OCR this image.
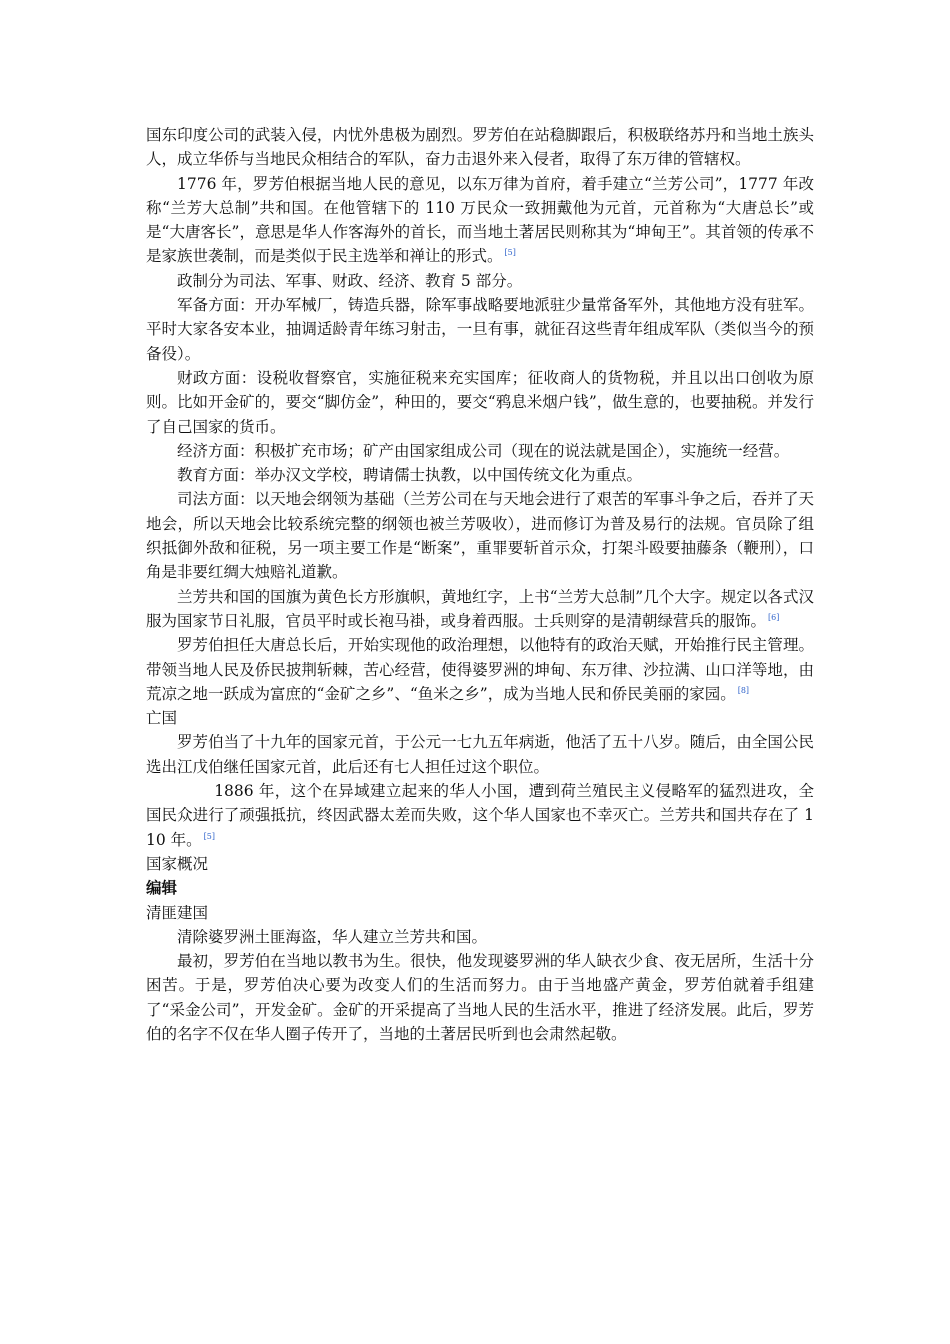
国东印度公司的武装入侵，内忧外患极为剧烈。罗芳伯在站稳脚跟后，积极联络苏丹和当地土族头人，成立华侨与当地民众相结合的军队，奋力击退外来入侵者，取得了东万律的管辖权。

1776 年，罗芳伯根据当地人民的意见，以东万律为首府，着手建立“兰芳公司”，1777 年改称“兰芳大总制”共和国。在他管辖下的 110 万民众一致拥戴他为元首，元首称为“大唐总长”或是“大唐客长”，意思是华人作客海外的首长，而当地土著居民则称其为“坤甸王”。其首领的传承不是家族世袭制，而是类似于民主选举和禅让的形式。 [5]

政制分为司法、军事、财政、经济、教育 5 部分。

军备方面：开办军械厂，铸造兵器，除军事战略要地派驻少量常备军外，其他地方没有驻军。平时大家各安本业，抽调适龄青年练习射击，一旦有事，就征召这些青年组成军队（类似当今的预备役）。

财政方面：设税收督察官，实施征税来充实国库；征收商人的货物税，并且以出口创收为原则。比如开金矿的，要交“脚仿金”，种田的，要交“鸦息米烟户钱”，做生意的，也要抽税。并发行了自己国家的货币。

经济方面：积极扩充市场；矿产由国家组成公司（现在的说法就是国企），实施统一经营。

教育方面：举办汉文学校，聘请儒士执教，以中国传统文化为重点。

司法方面：以天地会纲领为基础（兰芳公司在与天地会进行了艰苦的军事斗争之后，吞并了天地会，所以天地会比较系统完整的纲领也被兰芳吸收），进而修订为普及易行的法规。官员除了组织抵御外敌和征税，另一项主要工作是“断案”，重罪要斩首示众，打架斗殴要抽藤条（鞭刑），口角是非要红绸大烛赔礼道歉。

兰芳共和国的国旗为黄色长方形旗帜，黄地红字，上书“兰芳大总制”几个大字。规定以各式汉服为国家节日礼服，官员平时或长袍马褂，或身着西服。士兵则穿的是清朝绿营兵的服饰。 [6]

罗芳伯担任大唐总长后，开始实现他的政治理想，以他特有的政治天赋，开始推行民主管理。带领当地人民及侨民披荆斩棘，苦心经营，使得婆罗洲的坤甸、东万律、沙拉满、山口洋等地，由荒凉之地一跃成为富庶的“金矿之乡”、“鱼米之乡”，成为当地人民和侨民美丽的家园。 [8]

亡国

罗芳伯当了十九年的国家元首，于公元一七九五年病逝，他活了五十八岁。随后，由全国公民选出江戊伯继任国家元首，此后还有七人担任过这个职位。

1886 年，这个在异域建立起来的华人小国，遭到荷兰殖民主义侵略军的猛烈进攻，全国民众进行了顽强抵抗，终因武器太差而失败，这个华人国家也不幸灭亡。兰芳共和国共存在了 110 年。 [5]

国家概况

编辑

清匪建国

清除婆罗洲土匪海盗，华人建立兰芳共和国。

最初，罗芳伯在当地以教书为生。很快，他发现婆罗洲的华人缺衣少食、夜无居所，生活十分困苦。于是，罗芳伯决心要为改变人们的生活而努力。由于当地盛产黄金，罗芳伯就着手组建了“采金公司”，开发金矿。金矿的开采提高了当地人民的生活水平，推进了经济发展。此后，罗芳伯的名字不仅在华人圈子传开了，当地的土著居民听到也会肃然起敬。
